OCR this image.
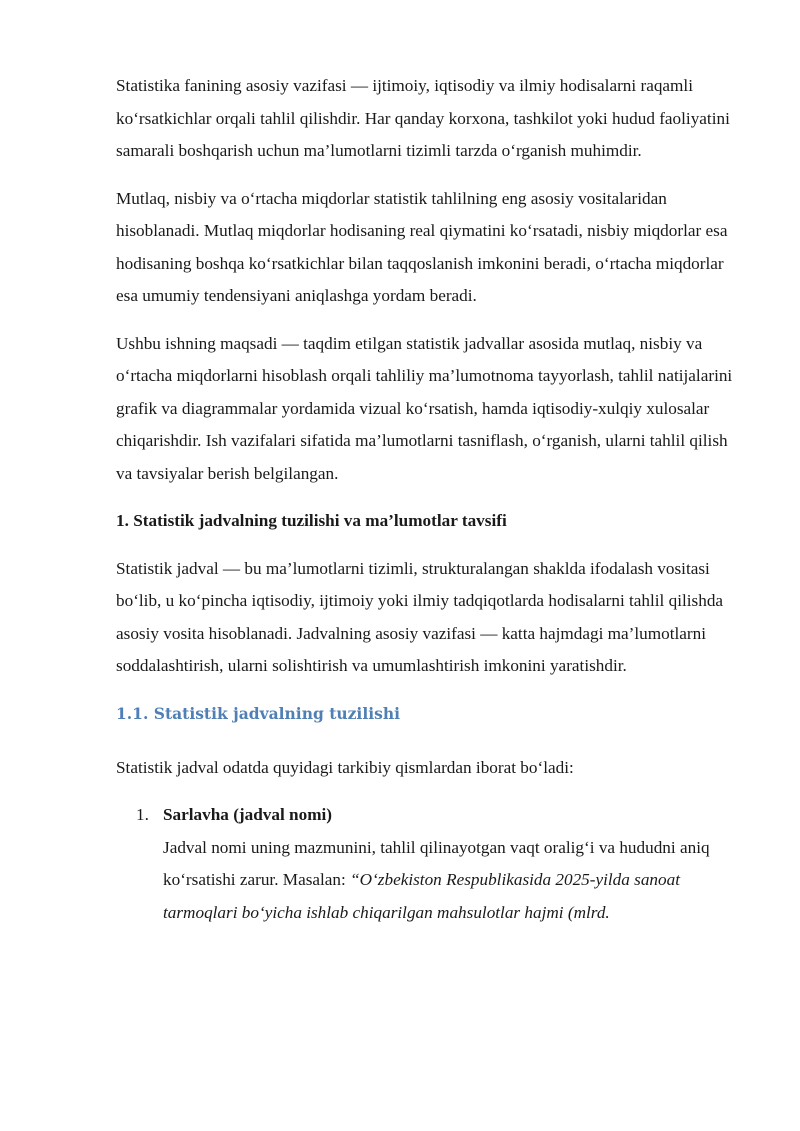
Statistika fanining asosiy vazifasi — ijtimoiy, iqtisodiy va ilmiy hodisalarni raqamli ko‘rsatkichlar orqali tahlil qilishdir. Har qanday korxona, tashkilot yoki hudud faoliyatini samarali boshqarish uchun ma’lumotlarni tizimli tarzda o‘rganish muhimdir.

Mutlaq, nisbiy va o‘rtacha miqdorlar statistik tahlilning eng asosiy vositalaridan hisoblanadi. Mutlaq miqdorlar hodisaning real qiymatini ko‘rsatadi, nisbiy miqdorlar esa hodisaning boshqa ko‘rsatkichlar bilan taqqoslanish imkonini beradi, o‘rtacha miqdorlar esa umumiy tendensiyani aniqlashga yordam beradi.

Ushbu ishning maqsadi — taqdim etilgan statistik jadvallar asosida mutlaq, nisbiy va o‘rtacha miqdorlarni hisoblash orqali tahliliy ma’lumotnoma tayyorlash, tahlil natijalarini grafik va diagrammalar yordamida vizual ko‘rsatish, hamda iqtisodiy-xulqiy xulosalar chiqarishdir. Ish vazifalari sifatida ma’lumotlarni tasniflash, o‘rganish, ularni tahlil qilish va tavsiyalar berish belgilangan.

1. Statistik jadvalning tuzilishi va ma’lumotlar tavsifi

Statistik jadval — bu ma’lumotlarni tizimli, strukturalangan shaklda ifodalash vositasi bo‘lib, u ko‘pincha iqtisodiy, ijtimoiy yoki ilmiy tadqiqotlarda hodisalarni tahlil qilishda asosiy vosita hisoblanadi. Jadvalning asosiy vazifasi — katta hajmdagi ma’lumotlarni soddalashtirish, ularni solishtirish va umumlashtirish imkonini yaratishdir.

1.1. Statistik jadvalning tuzilishi

Statistik jadval odatda quyidagi tarkibiy qismlardan iborat bo‘ladi:

1. Sarlavha (jadval nomi)
Jadval nomi uning mazmunini, tahlil qilinayotgan vaqt oralig‘i va hududni aniq ko‘rsatishi zarur. Masalan: “O‘zbekiston Respublikasida 2025-yilda sanoat tarmoqlari bo‘yicha ishlab chiqarilgan mahsulotlar hajmi (mlrd.
